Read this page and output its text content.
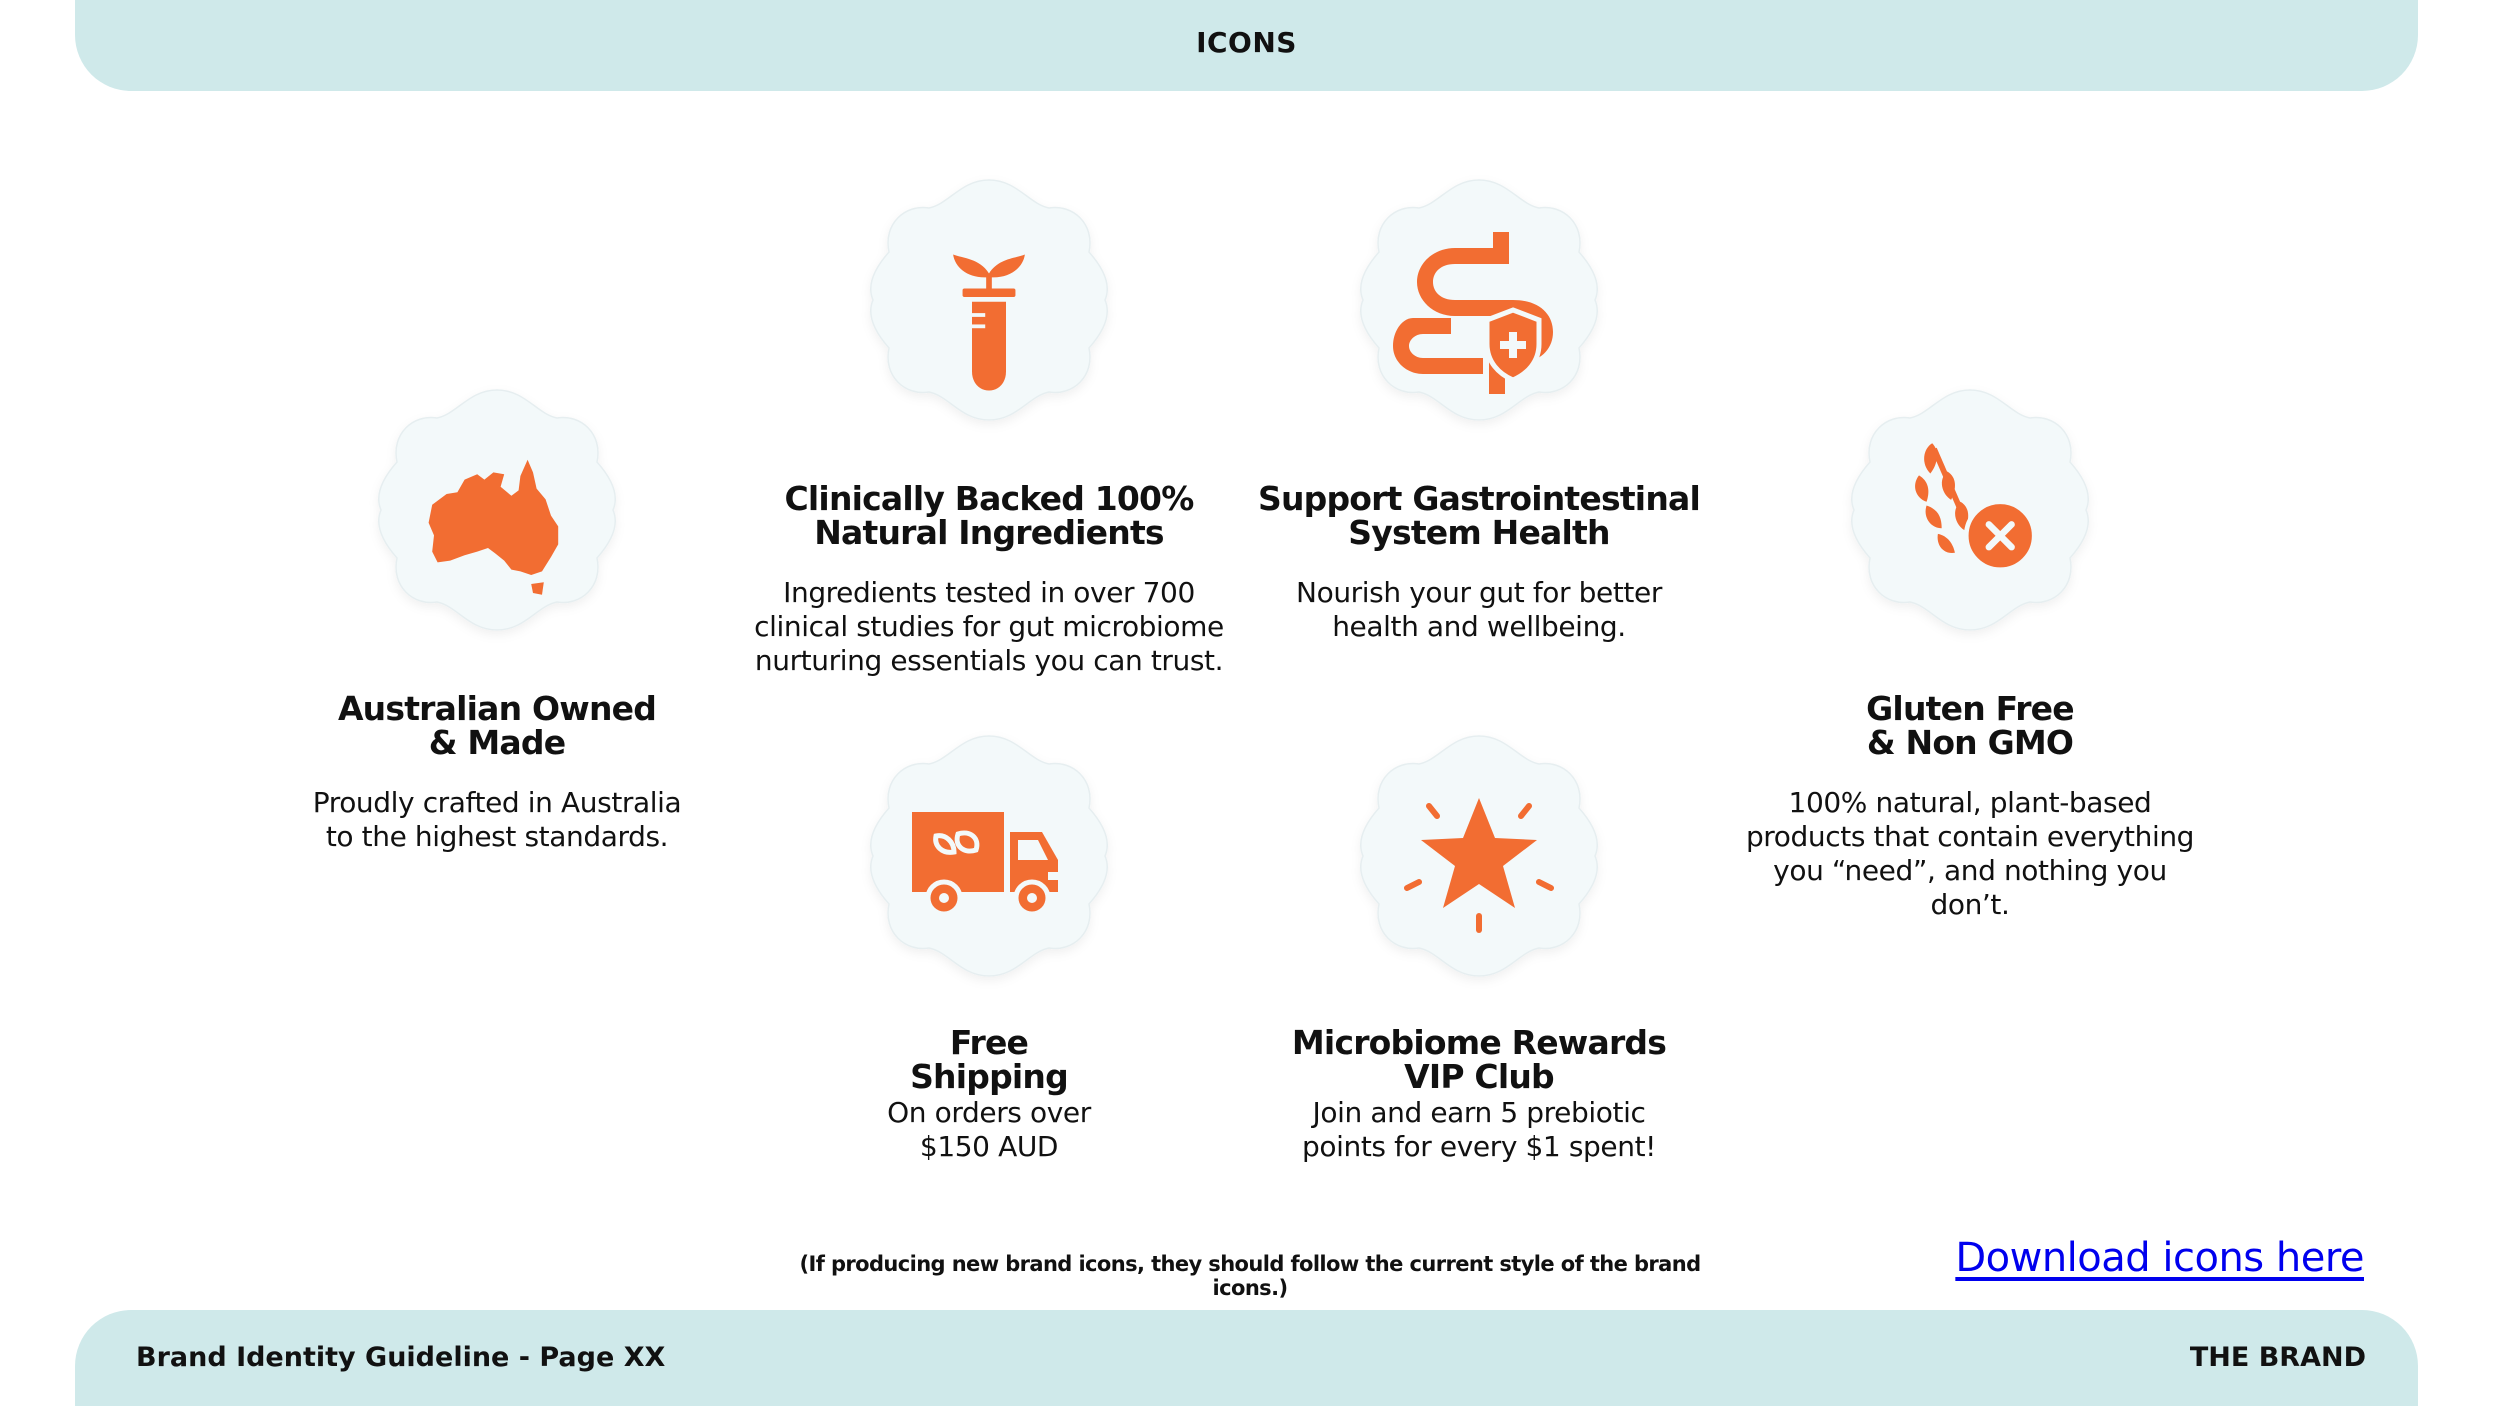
ICONS
Australian Owned
& Made
Proudly crafted in Australia
to the highest standards.
Clinically Backed 100%
Natural Ingredients
Ingredients tested in over 700
clinical studies for gut microbiome
nurturing essentials you can trust.
Support Gastrointestinal
System Health
Nourish your gut for better
health and wellbeing.
Gluten Free
& Non GMO
100% natural, plant-based
products that contain everything
you “need”, and nothing you
don’t.
Free
Shipping
On orders over
$150 AUD
Microbiome Rewards
VIP Club
Join and earn 5 prebiotic
points for every $1 spent!
(If producing new brand icons, they should follow the current style of the brand icons.)
Download icons here
Brand Identity Guideline - Page XX	THE BRAND
